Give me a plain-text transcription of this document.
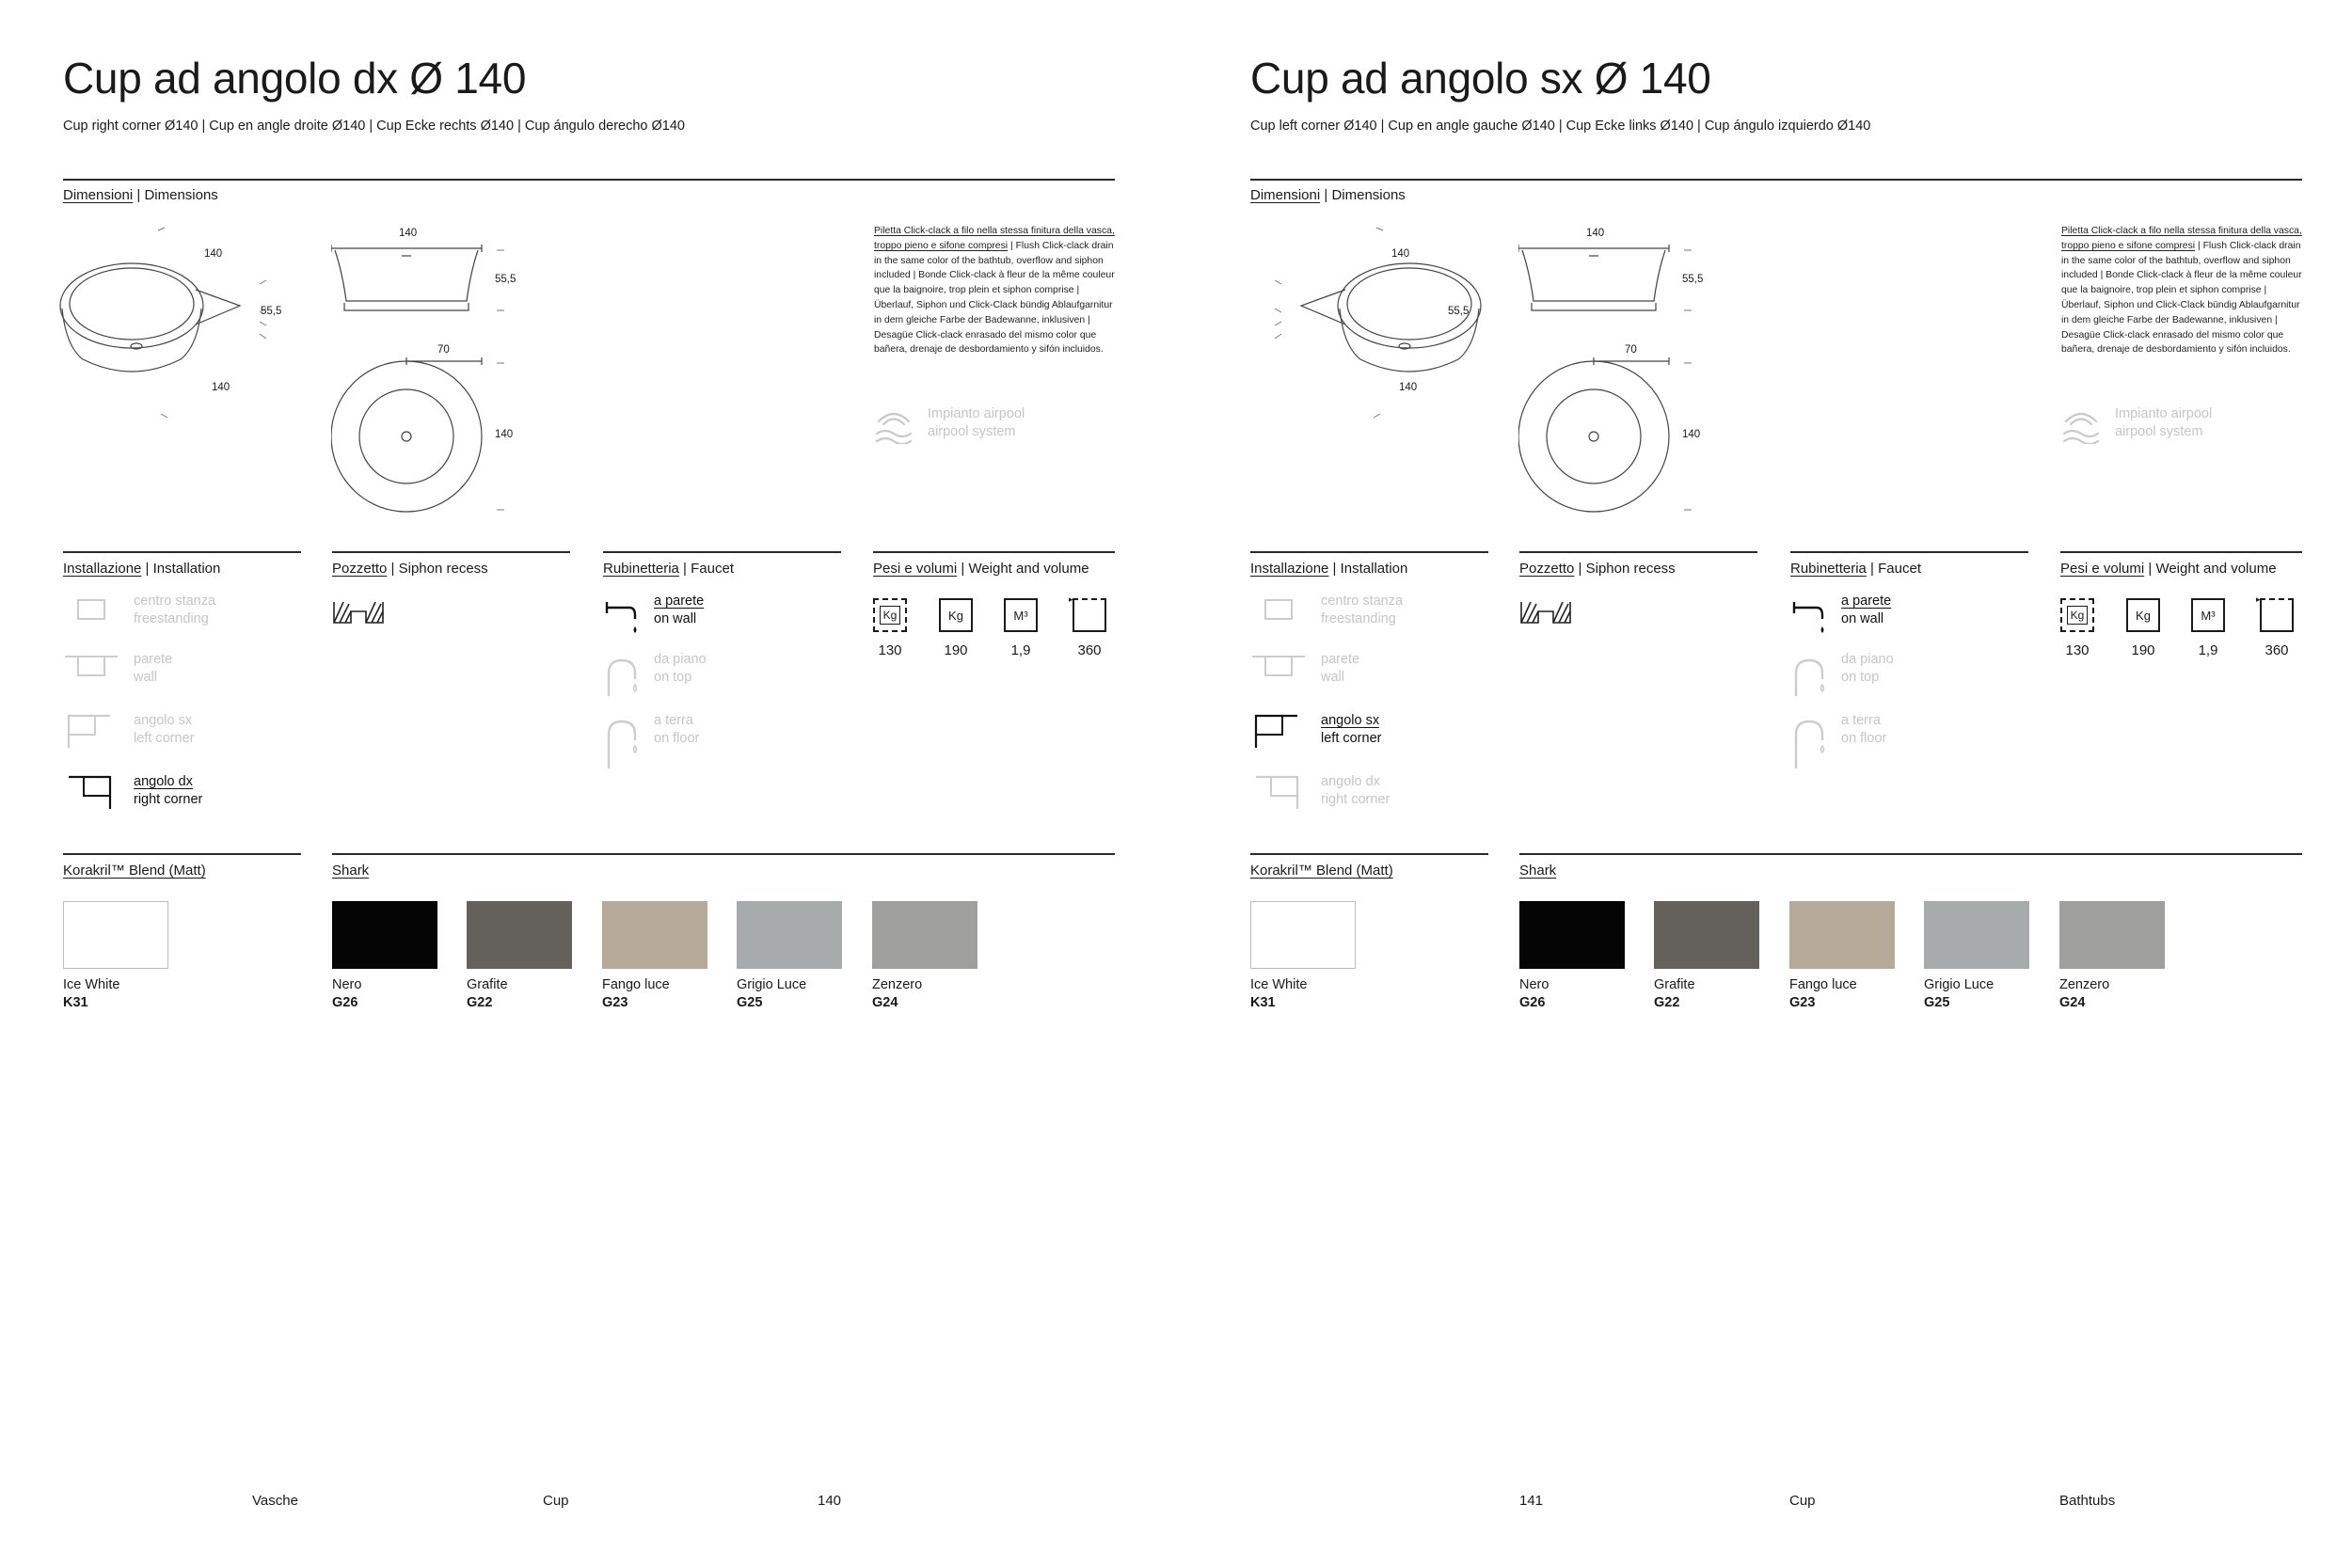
Cup ad angolo dx Ø 140
Cup right corner Ø140 | Cup en angle droite Ø140 | Cup Ecke rechts Ø140 | Cup ángulo derecho Ø140
Dimensioni | Dimensions
140
55,5
140
140
55,5
70
140
Piletta Click-clack a filo nella stessa finitura della vasca, troppo pieno e sifone compresi | Flush Click-clack drain in the same color of the bathtub, overflow and siphon included | Bonde Click-clack à fleur de la même couleur que la baignoire, trop plein et siphon comprise | Überlauf, Siphon und Click-Clack bündig Ablaufgarnitur in dem gleiche Farbe der Badewanne, inklusiven | Desagüe Click-clack enrasado del mismo color que bañera, drenaje de desbordamiento y sifón incluidos.
Impianto airpool
airpool system
Installazione | Installation	Pozzetto | Siphon recess	Rubinetteria | Faucet	Pesi e volumi | Weight and volume
centro stanza
freestanding
parete
wall
angolo sx
left corner
angolo dx
right corner
a parete
on wall
da piano
on top
a terra
on floor
Kg
130
Kg
190
M³
1,9
▸
360
Korakril™ Blend (Matt)	Shark
Ice White
K31
Nero
G26
Grafite
G22
Fango luce
G23
Grigio Luce
G25
Zenzero
G24
Vasche	Cup	140
Cup ad angolo sx Ø 140
Cup left corner Ø140 | Cup en angle gauche Ø140 | Cup Ecke links Ø140 | Cup ángulo izquierdo Ø140
Dimensioni | Dimensions
140
55,5
140
140
55,5
70
140
Piletta Click-clack a filo nella stessa finitura della vasca, troppo pieno e sifone compresi | Flush Click-clack drain in the same color of the bathtub, overflow and siphon included | Bonde Click-clack à fleur de la même couleur que la baignoire, trop plein et siphon comprise | Überlauf, Siphon und Click-Clack bündig Ablaufgarnitur in dem gleiche Farbe der Badewanne, inklusiven | Desagüe Click-clack enrasado del mismo color que bañera, drenaje de desbordamiento y sifón incluidos.
Impianto airpool
airpool system
Installazione | Installation	Pozzetto | Siphon recess	Rubinetteria | Faucet	Pesi e volumi | Weight and volume
centro stanza
freestanding
parete
wall
angolo sx
left corner
angolo dx
right corner
a parete
on wall
da piano
on top
a terra
on floor
Kg
130
Kg
190
M³
1,9
▸
360
Korakril™ Blend (Matt)	Shark
Ice White
K31
Nero
G26
Grafite
G22
Fango luce
G23
Grigio Luce
G25
Zenzero
G24
141	Cup	Bathtubs
